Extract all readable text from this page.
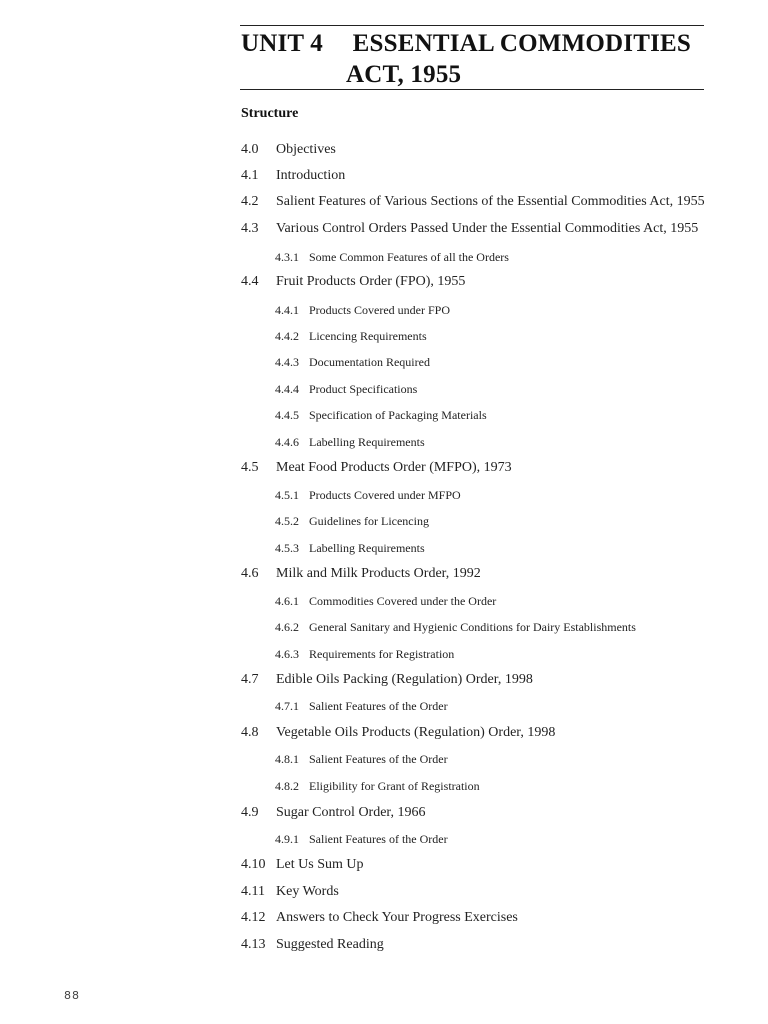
UNIT 4 ESSENTIAL COMMODITIES
ACT, 1955
Structure
4.0 Objectives
4.1 Introduction
4.2 Salient Features of Various Sections of the Essential Commodities Act, 1955
4.3 Various Control Orders Passed Under the Essential Commodities Act, 1955
4.3.1 Some Common Features of all the Orders
4.4 Fruit Products Order (FPO), 1955
4.4.1 Products Covered under FPO
4.4.2 Licencing Requirements
4.4.3 Documentation Required
4.4.4 Product Specifications
4.4.5 Specification of Packaging Materials
4.4.6 Labelling Requirements
4.5 Meat Food Products Order (MFPO), 1973
4.5.1 Products Covered under MFPO
4.5.2 Guidelines for Licencing
4.5.3 Labelling Requirements
4.6 Milk and Milk Products Order, 1992
4.6.1 Commodities Covered under the Order
4.6.2 General Sanitary and Hygienic Conditions for Dairy Establishments
4.6.3 Requirements for Registration
4.7 Edible Oils Packing (Regulation) Order, 1998
4.7.1 Salient Features of the Order
4.8 Vegetable Oils Products (Regulation) Order, 1998
4.8.1 Salient Features of the Order
4.8.2 Eligibility for Grant of Registration
4.9 Sugar Control Order, 1966
4.9.1 Salient Features of the Order
4.10 Let Us Sum Up
4.11 Key Words
4.12 Answers to Check Your Progress Exercises
4.13 Suggested Reading
88
